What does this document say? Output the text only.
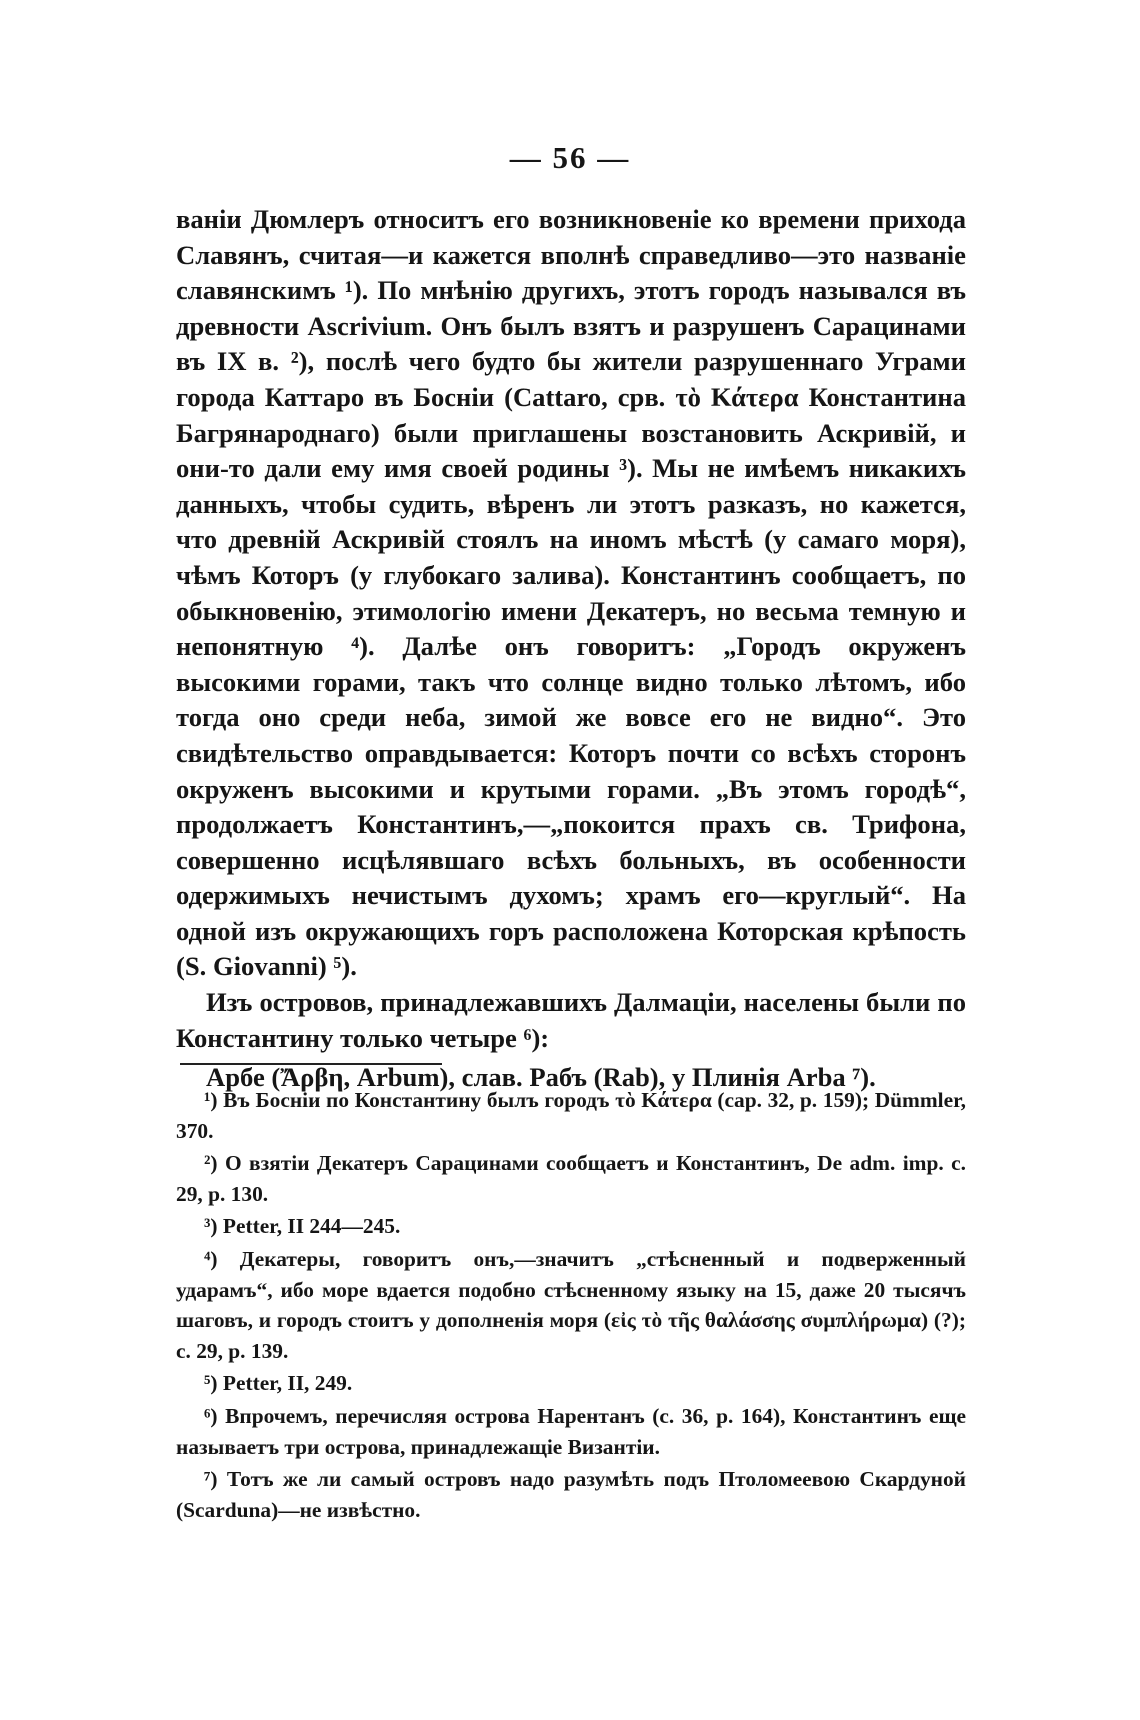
— 56 —

ваніи Дюмлеръ относитъ его возникновеніе ко времени прихода Славянъ, считая—и кажется вполнѣ справедливо—это названіе славянскимъ ¹). По мнѣнію другихъ, этотъ городъ назывался въ древности Ascrivium. Онъ былъ взятъ и разрушенъ Сарацинами въ IX в. ²), послѣ чего будто бы жители разрушеннаго Уграми города Каттаро въ Босніи (Cattaro, срв. τὸ Κάτερα Константина Багрянароднаго) были приглашены возстановить Аскривій, и они-то дали ему имя своей родины ³). Мы не имѣемъ никакихъ данныхъ, чтобы судить, вѣренъ ли этотъ разказъ, но кажется, что древній Аскривій стоялъ на иномъ мѣстѣ (у самаго моря), чѣмъ Которъ (у глубокаго залива). Константинъ сообщаетъ, по обыкновенію, этимологію имени Декатеръ, но весьма темную и непонятную ⁴). Далѣе онъ говоритъ: „Городъ окруженъ высокими горами, такъ что солнце видно только лѣтомъ, ибо тогда оно среди неба, зимой же вовсе его не видно“. Это свидѣтельство оправдывается: Которъ почти со всѣхъ сторонъ окруженъ высокими и крутыми горами. „Въ этомъ городѣ“, продолжаетъ Константинъ,—„покоится прахъ св. Трифона, совершенно исцѣлявшаго всѣхъ больныхъ, въ особенности одержимыхъ нечистымъ духомъ; храмъ его—круглый“. На одной изъ окружающихъ горъ расположена Которская крѣпость (S. Giovanni) ⁵).

Изъ островов, принадлежавшихъ Далмаціи, населены были по Константину только четыре ⁶):

Арбе (Ἄρβη, Arbum), слав. Рабъ (Rab), у Плинія Arba ⁷).

¹) Въ Босніи по Константину былъ городъ τὸ Κάτερα (cap. 32, p. 159); Dümmler, 370.

²) О взятіи Декатеръ Сарацинами сообщаетъ и Константинъ, De adm. imp. c. 29, p. 130.

³) Petter, II 244—245.

⁴) Декатеры, говоритъ онъ,—значитъ „стѣсненный и подверженный ударамъ“, ибо море вдается подобно стѣсненному языку на 15, даже 20 тысячъ шаговъ, и городъ стоитъ у дополненія моря (εἰς τὸ τῆς θαλάσσης συμπλήρωμα) (?); c. 29, p. 139.

⁵) Petter, II, 249.

⁶) Впрочемъ, перечисляя острова Нарентанъ (c. 36, p. 164), Константинъ еще называетъ три острова, принадлежащіе Византіи.

⁷) Тотъ же ли самый островъ надо разумѣть подъ Птоломеевою Скардуной (Scarduna)—не извѣстно.
